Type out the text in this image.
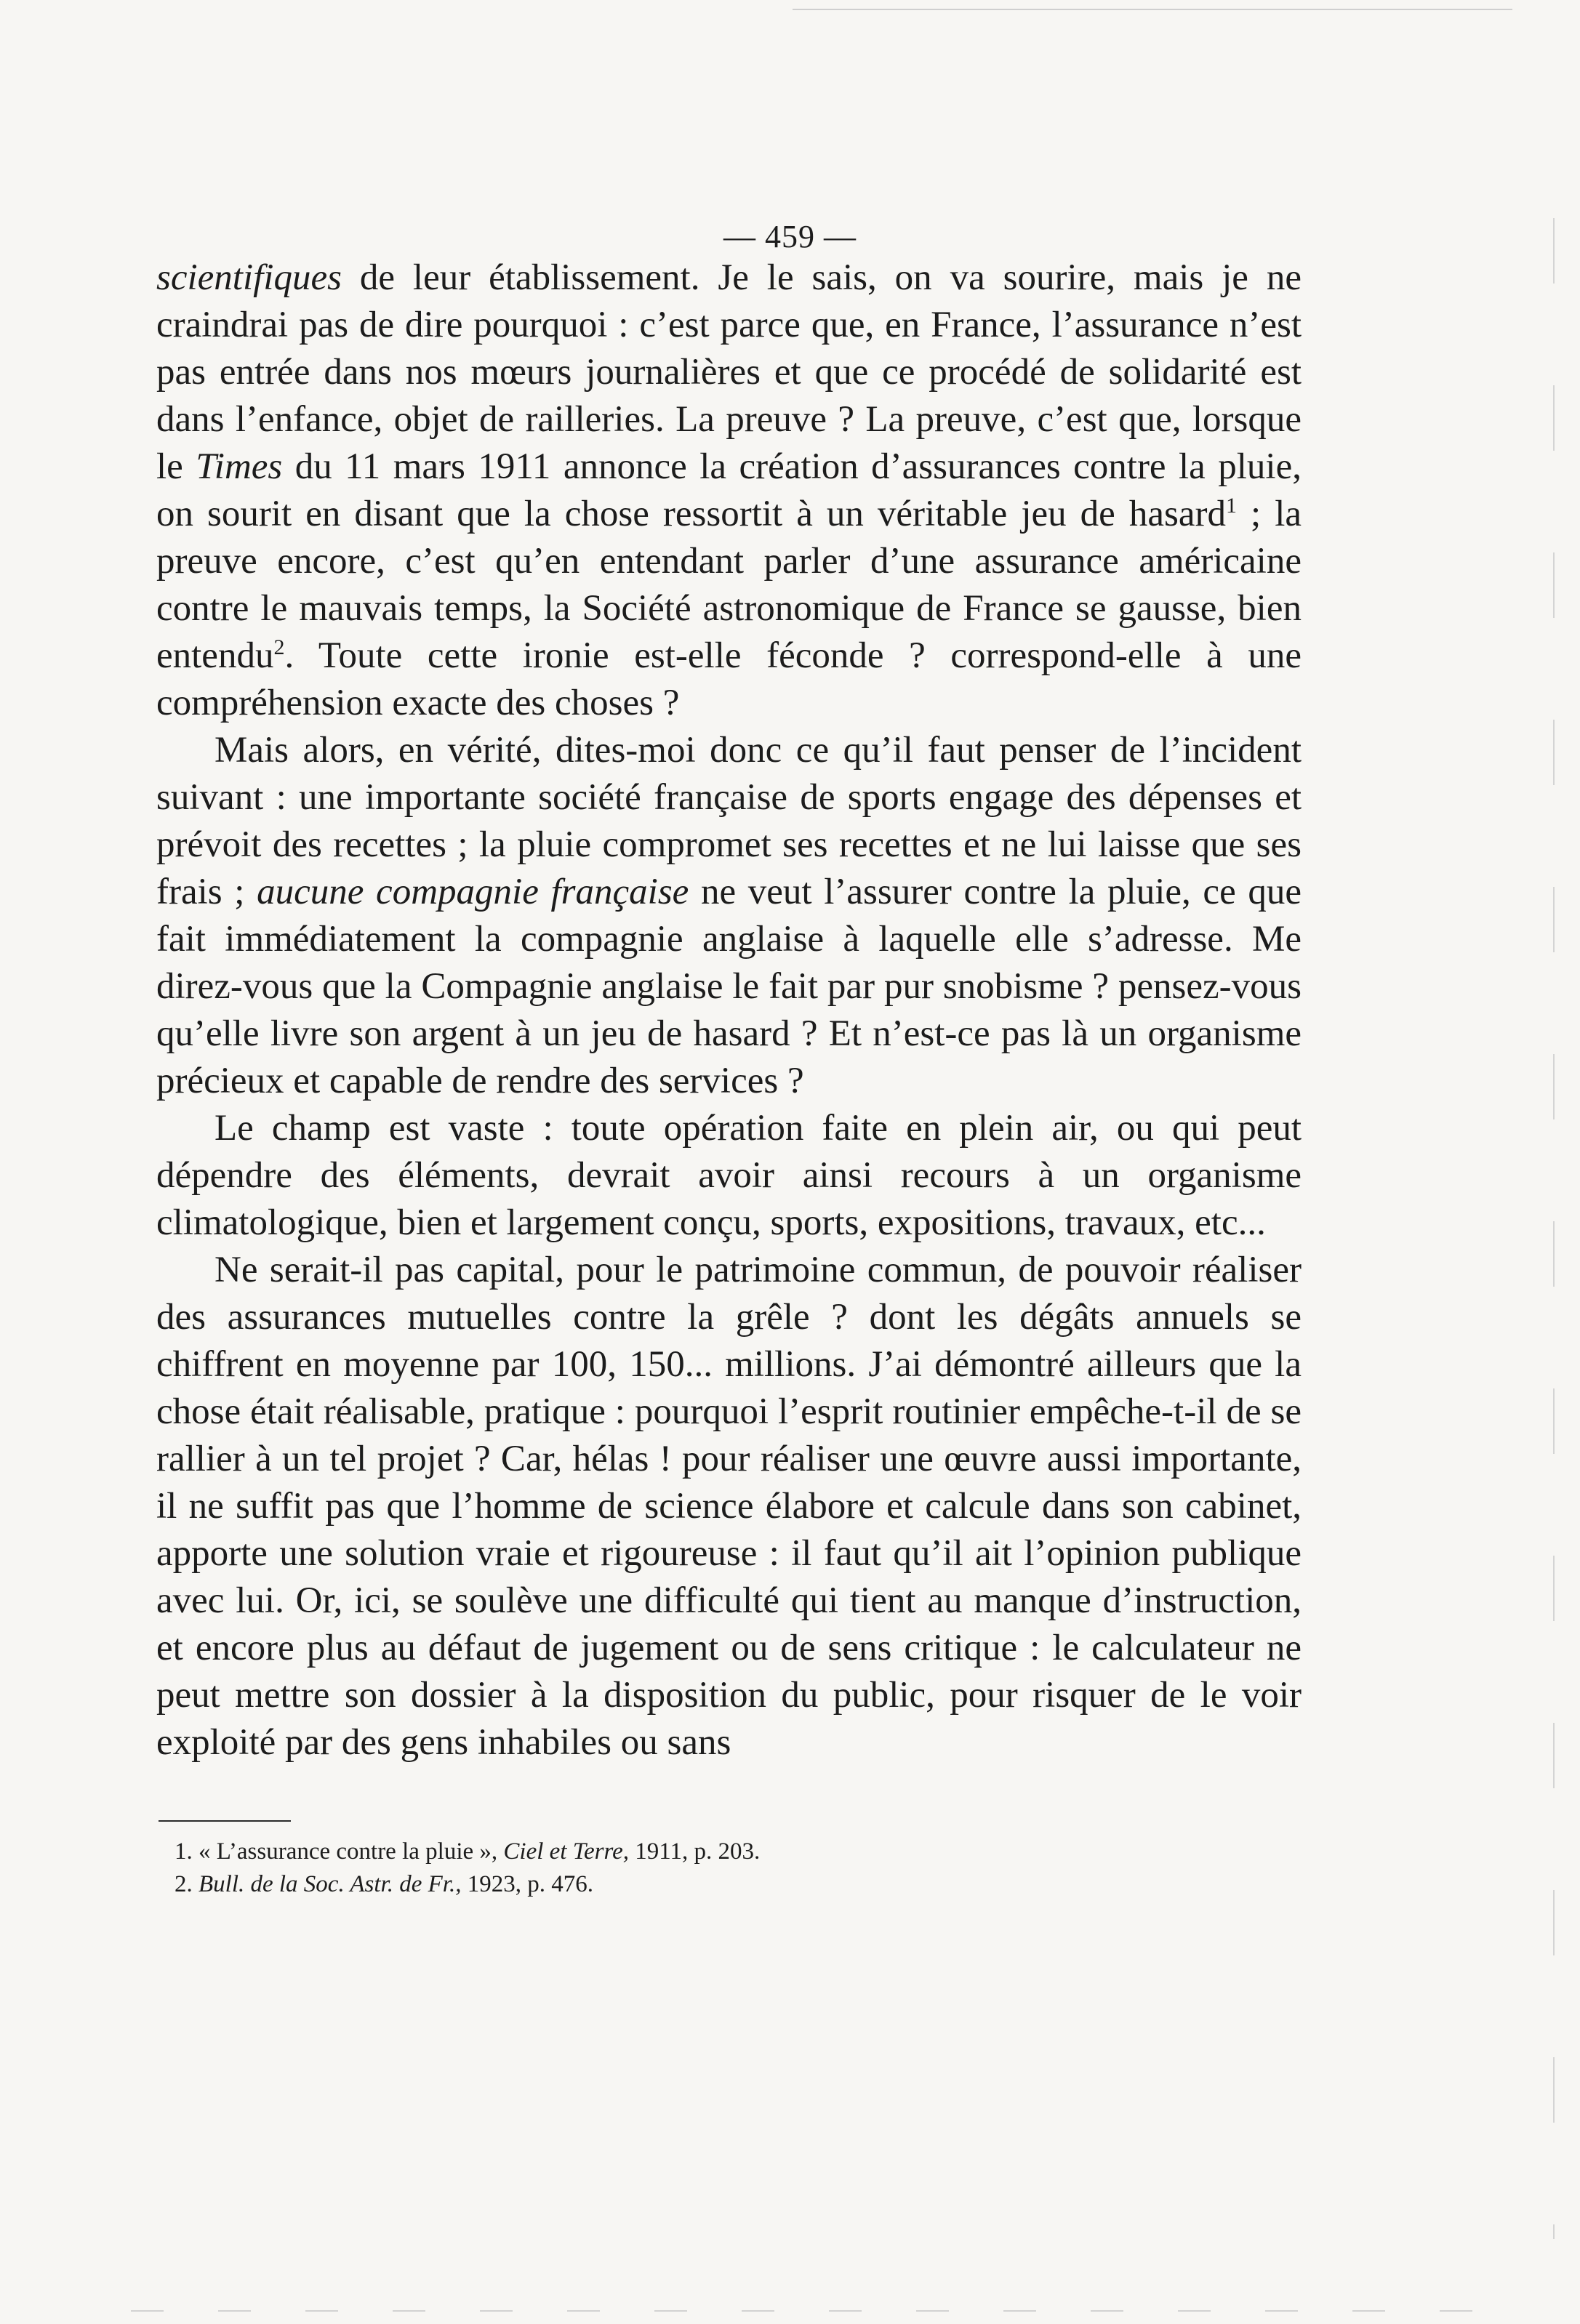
— 459 —

scientifiques de leur établissement. Je le sais, on va sourire, mais je ne craindrai pas de dire pourquoi : c’est parce que, en France, l’assurance n’est pas entrée dans nos mœurs journalières et que ce procédé de solidarité est dans l’enfance, objet de railleries. La preuve ? La preuve, c’est que, lorsque le Times du 11 mars 1911 annonce la création d’assurances contre la pluie, on sourit en disant que la chose ressortit à un véritable jeu de hasard$^1$ ; la preuve encore, c’est qu’en entendant parler d’une assurance américaine contre le mauvais temps, la Société astronomique de France se gausse, bien entendu$^2$. Toute cette ironie est-elle féconde ? correspond-elle à une compréhension exacte des choses ?

Mais alors, en vérité, dites-moi donc ce qu’il faut penser de l’incident suivant : une importante société française de sports engage des dépenses et prévoit des recettes ; la pluie compromet ses recettes et ne lui laisse que ses frais ; aucune compagnie française ne veut l’assurer contre la pluie, ce que fait immédiatement la compagnie anglaise à laquelle elle s’adresse. Me direz-vous que la Compagnie anglaise le fait par pur snobisme ? pensez-vous qu’elle livre son argent à un jeu de hasard ? Et n’est-ce pas là un organisme précieux et capable de rendre des services ?

Le champ est vaste : toute opération faite en plein air, ou qui peut dépendre des éléments, devrait avoir ainsi recours à un organisme climatologique, bien et largement conçu, sports, expositions, travaux, etc...

Ne serait-il pas capital, pour le patrimoine commun, de pouvoir réaliser des assurances mutuelles contre la grêle ? dont les dégâts annuels se chiffrent en moyenne par 100, 150... millions. J’ai démontré ailleurs que la chose était réalisable, pratique : pourquoi l’esprit routinier empêche-t-il de se rallier à un tel projet ? Car, hélas ! pour réaliser une œuvre aussi importante, il ne suffit pas que l’homme de science élabore et calcule dans son cabinet, apporte une solution vraie et rigoureuse : il faut qu’il ait l’opinion publique avec lui. Or, ici, se soulève une difficulté qui tient au manque d’instruction, et encore plus au défaut de jugement ou de sens critique : le calculateur ne peut mettre son dossier à la disposition du public, pour risquer de le voir exploité par des gens inhabiles ou sans

1. « L’assurance contre la pluie », Ciel et Terre, 1911, p. 203.

2. Bull. de la Soc. Astr. de Fr., 1923, p. 476.
